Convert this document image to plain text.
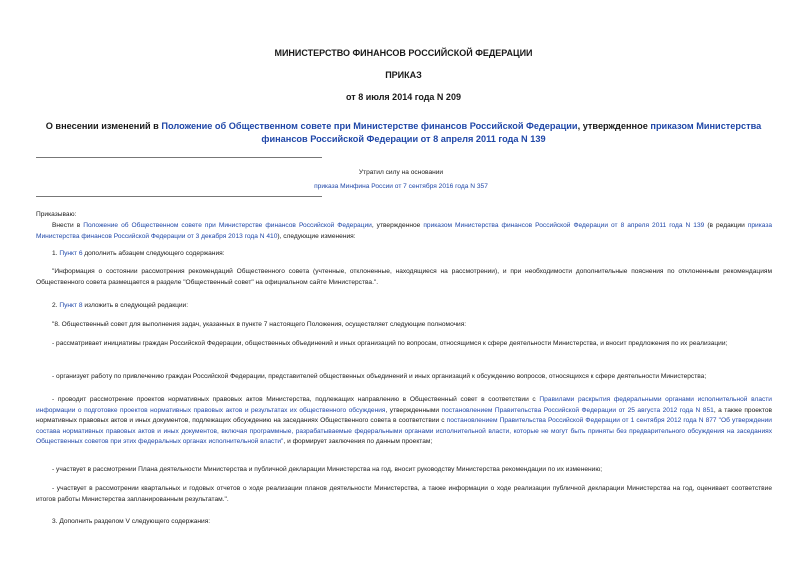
МИНИСТЕРСТВО ФИНАНСОВ РОССИЙСКОЙ ФЕДЕРАЦИИ
ПРИКАЗ
от 8 июля 2014 года N 209
О внесении изменений в Положение об Общественном совете при Министерстве финансов Российской Федерации, утвержденное приказом Министерства финансов Российской Федерации от 8 апреля 2011 года N 139
Утратил силу на основании
приказа Минфина России от 7 сентября 2016 года N 357
Приказываю:
Внести в Положение об Общественном совете при Министерстве финансов Российской Федерации, утвержденное приказом Министерства финансов Российской Федерации от 8 апреля 2011 года N 139 (в редакции приказа Министерства финансов Российской Федерации от 3 декабря 2013 года N 410), следующие изменения:
1. Пункт 6 дополнить абзацем следующего содержания:
"Информация о состоянии рассмотрения рекомендаций Общественного совета (учтенные, отклоненные, находящиеся на рассмотрении), и при необходимости дополнительные пояснения по отклоненным рекомендациям Общественного совета размещается в разделе "Общественный совет" на официальном сайте Министерства.".
2. Пункт 8 изложить в следующей редакции:
"8. Общественный совет для выполнения задач, указанных в пункте 7 настоящего Положения, осуществляет следующие полномочия:
- рассматривает инициативы граждан Российской Федерации, общественных объединений и иных организаций по вопросам, относящимся к сфере деятельности Министерства, и вносит предложения по их реализации;
- организует работу по привлечению граждан Российской Федерации, представителей общественных объединений и иных организаций к обсуждению вопросов, относящихся к сфере деятельности Министерства;
- проводит рассмотрение проектов нормативных правовых актов Министерства, подлежащих направлению в Общественный совет в соответствии с Правилами раскрытия федеральными органами исполнительной власти информации о подготовке проектов нормативных правовых актов и результатах их общественного обсуждения, утвержденными постановлением Правительства Российской Федерации от 25 августа 2012 года N 851, а также проектов нормативных правовых актов и иных документов, подлежащих обсуждению на заседаниях Общественного совета в соответствии с постановлением Правительства Российской Федерации от 1 сентября 2012 года N 877 "Об утверждении состава нормативных правовых актов и иных документов, включая программные, разрабатываемые федеральными органами исполнительной власти, которые не могут быть приняты без предварительного обсуждения на заседаниях Общественных советов при этих федеральных органах исполнительной власти", и формирует заключения по данным проектам;
- участвует в рассмотрении Плана деятельности Министерства и публичной декларации Министерства на год, вносит руководству Министерства рекомендации по их изменению;
- участвует в рассмотрении квартальных и годовых отчетов о ходе реализации планов деятельности Министерства, а также информации о ходе реализации публичной декларации Министерства на год, оценивает соответствие итогов работы Министерства запланированным результатам.".
3. Дополнить разделом V следующего содержания:
